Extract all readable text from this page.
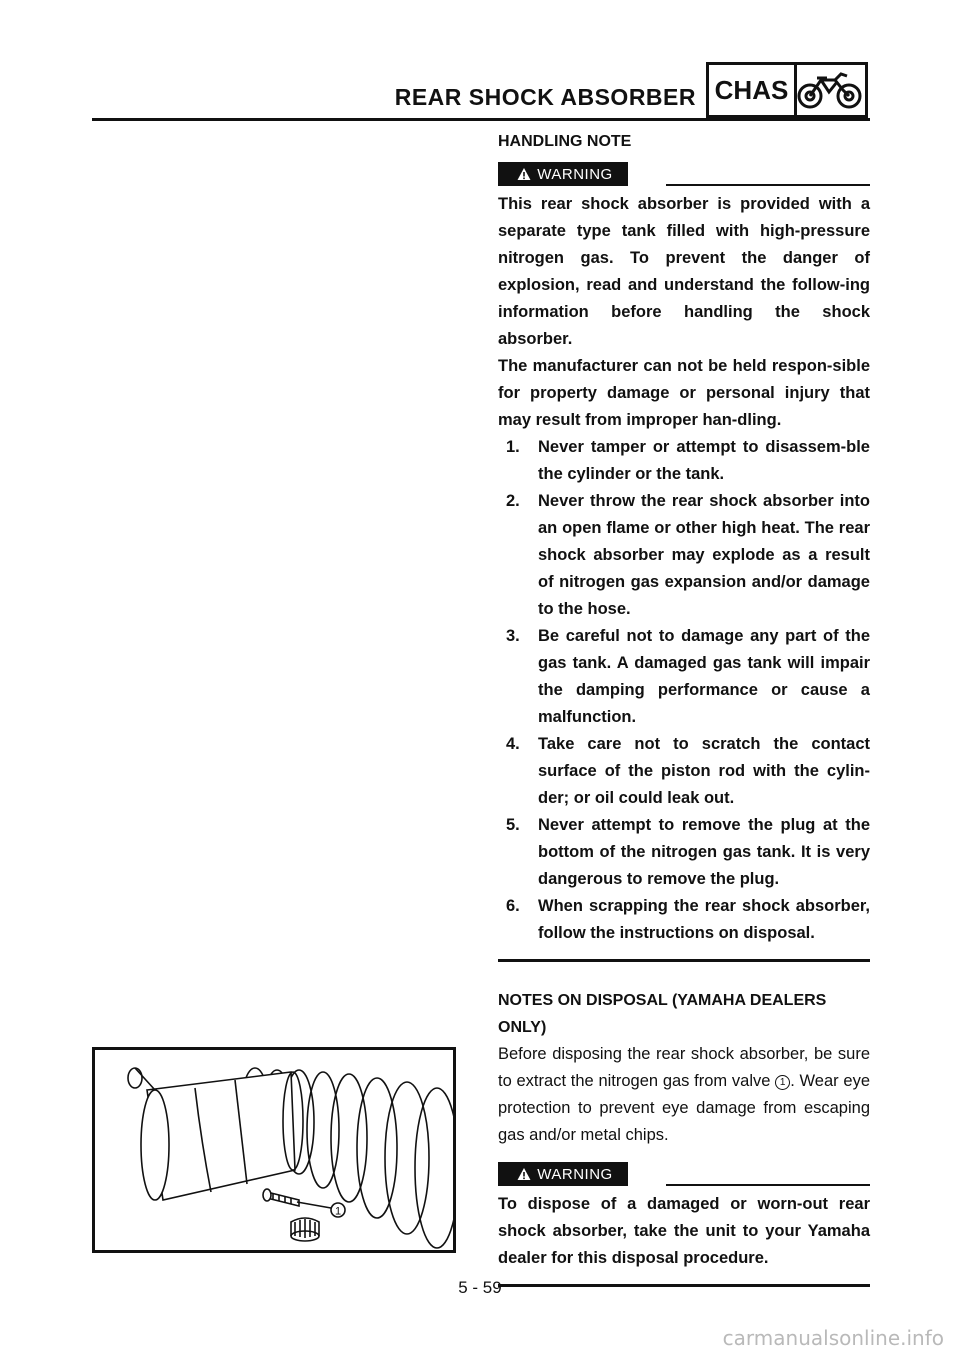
REAR SHOCK ABSORBER CHAS

HANDLING NOTE

WARNING

This rear shock absorber is provided with a separate type tank filled with high-pressure nitrogen gas. To prevent the danger of explosion, read and understand the follow-ing information before handling the shock absorber.

The manufacturer can not be held respon-sible for property damage or personal injury that may result from improper han-dling.

1. Never tamper or attempt to disassem-ble the cylinder or the tank.
2. Never throw the rear shock absorber into an open flame or other high heat. The rear shock absorber may explode as a result of nitrogen gas expansion and/or damage to the hose.
3. Be careful not to damage any part of the gas tank. A damaged gas tank will impair the damping performance or cause a malfunction.
4. Take care not to scratch the contact surface of the piston rod with the cylin-der; or oil could leak out.
5. Never attempt to remove the plug at the bottom of the nitrogen gas tank. It is very dangerous to remove the plug.
6. When scrapping the rear shock absorber, follow the instructions on disposal.

NOTES ON DISPOSAL (YAMAHA DEALERS ONLY)

Before disposing the rear shock absorber, be sure to extract the nitrogen gas from valve 1 . Wear eye protection to prevent eye damage from escaping gas and/or metal chips.

WARNING

To dispose of a damaged or worn-out rear shock absorber, take the unit to your Yamaha dealer for this disposal procedure.

1
5 - 59
carmanualsonline.info
